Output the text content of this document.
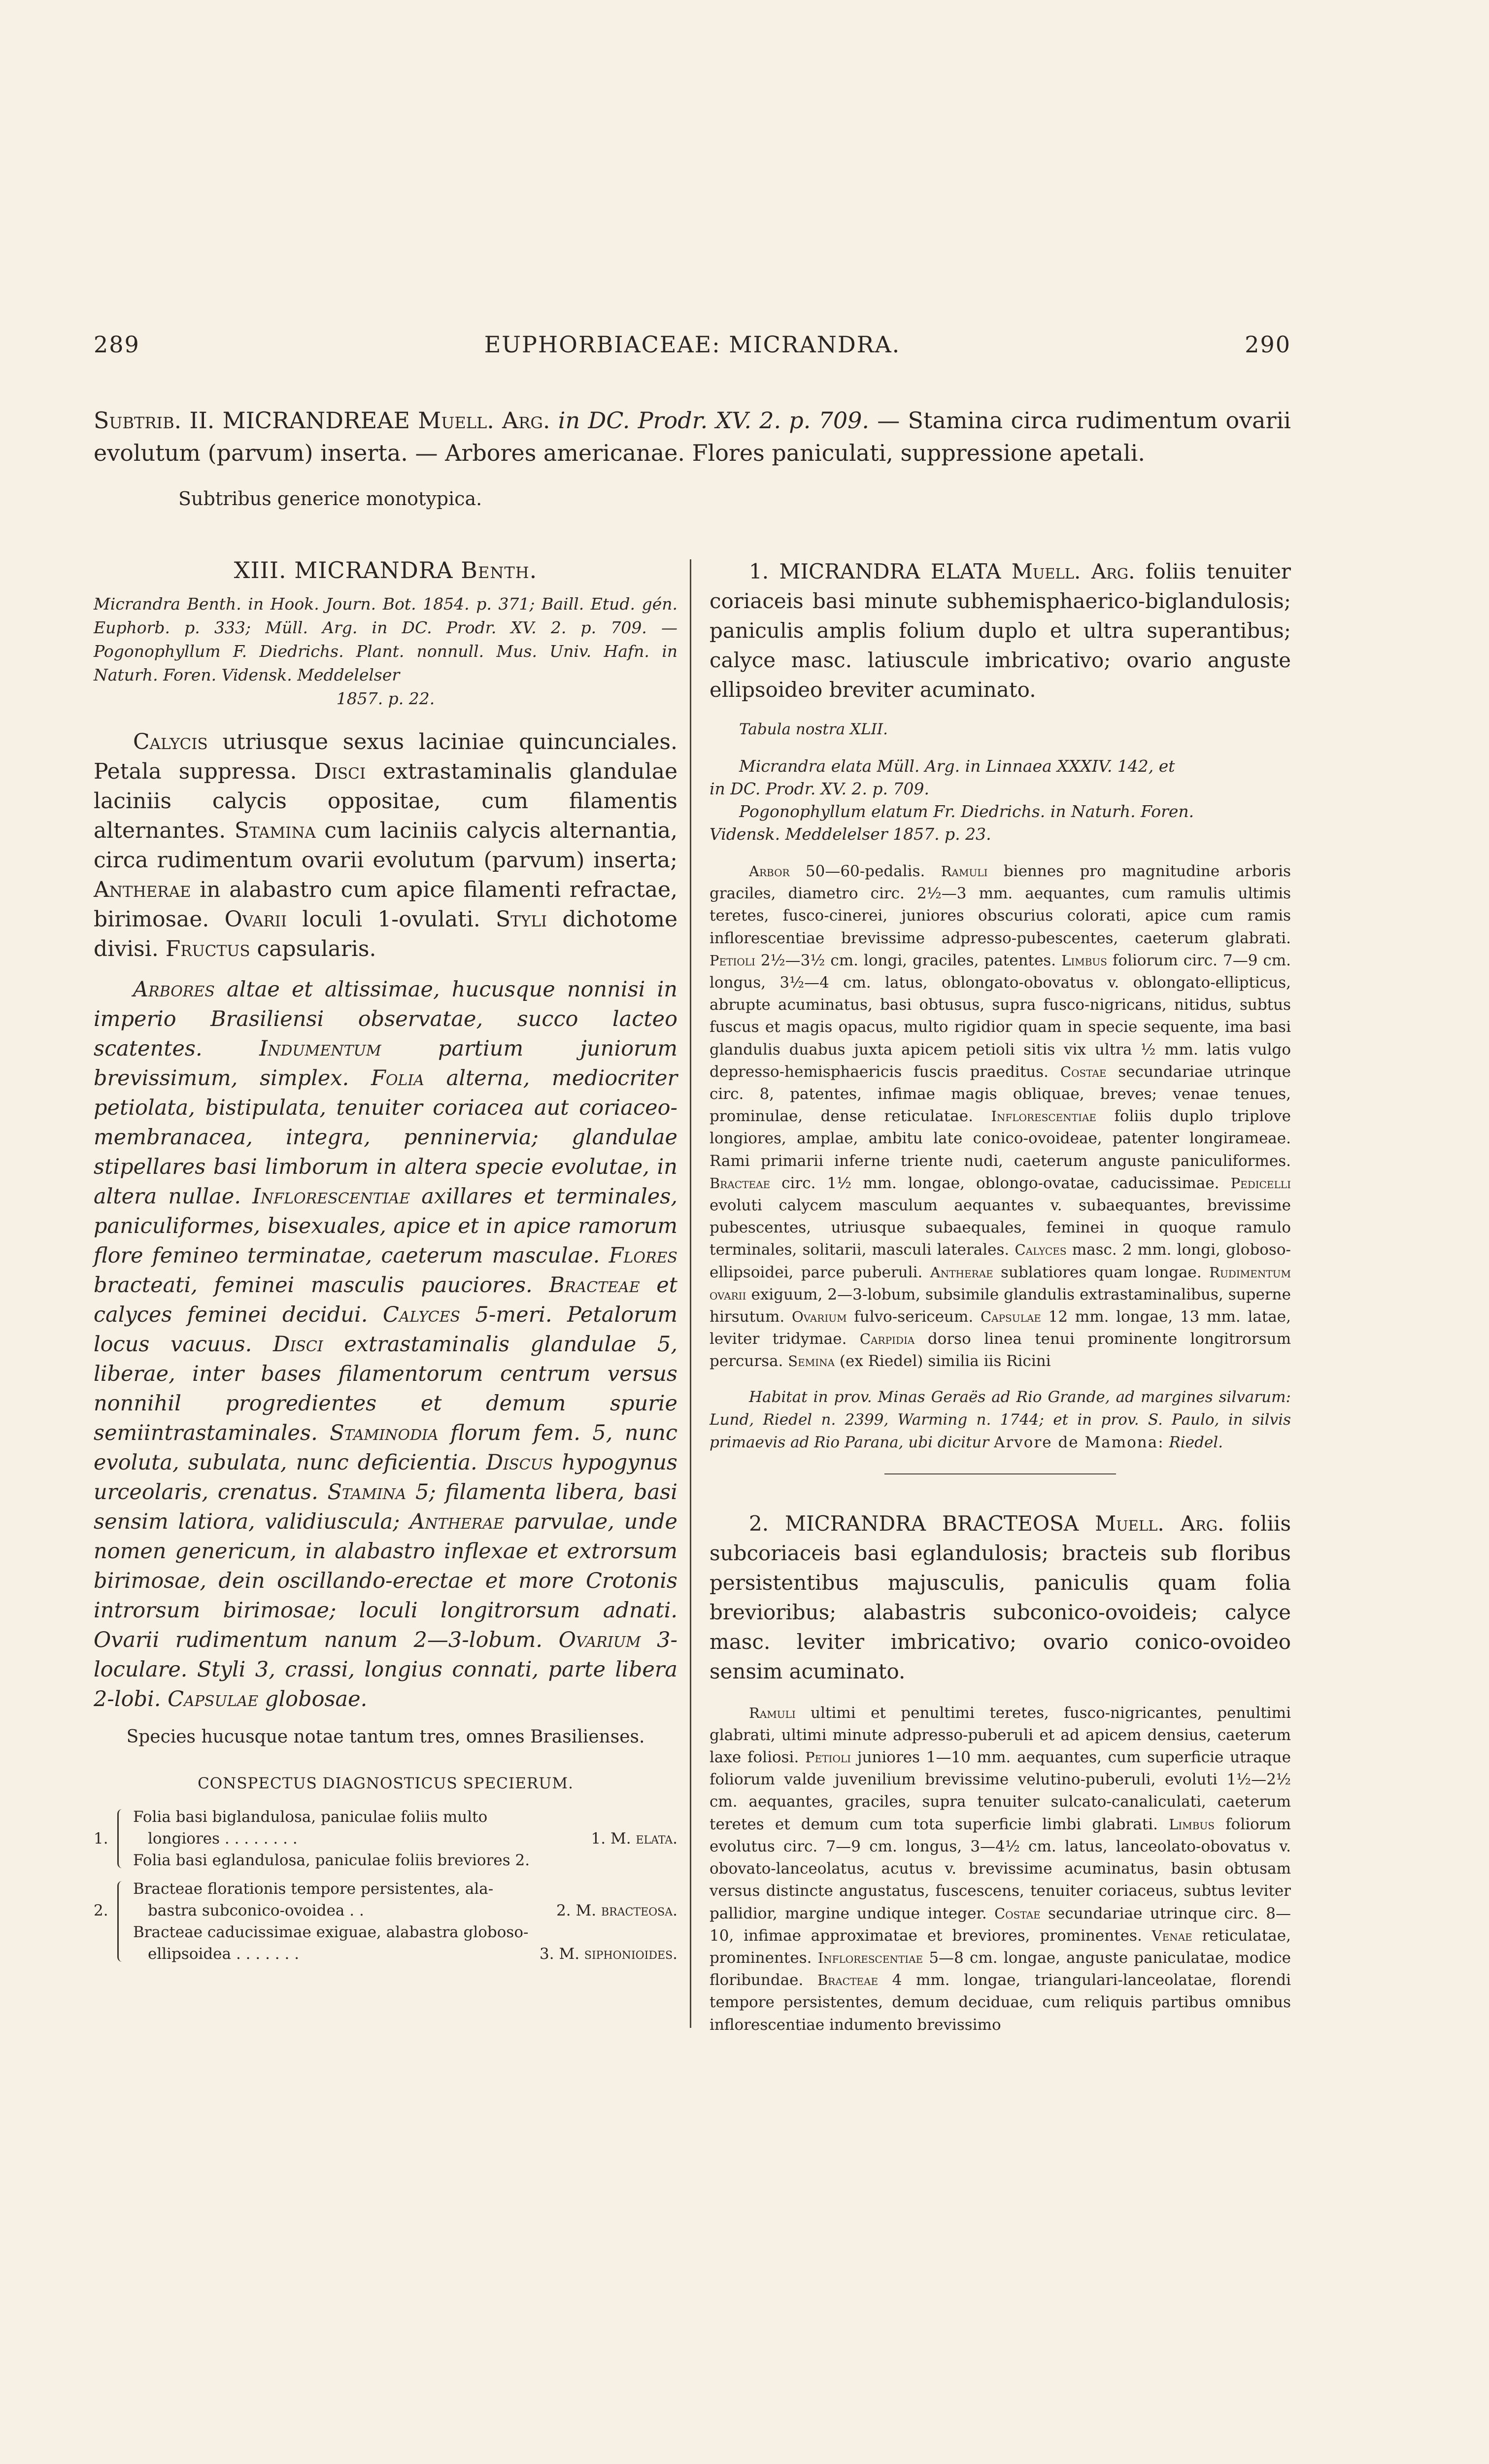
289	EUPHORBIACEAE: MICRANDRA.	290
Subtrib. II. MICRANDREAE Muell. Arg. in DC. Prodr. XV. 2. p. 709. — Stamina circa rudimentum ovarii evolutum (parvum) inserta. — Arbores americanae. Flores paniculati, suppressione apetali.
Subtribus generice monotypica.
XIII. MICRANDRA Benth.
Micrandra Benth. in Hook. Journ. Bot. 1854. p. 371; Baill. Etud. gén. Euphorb. p. 333; Müll. Arg. in DC. Prodr. XV. 2. p. 709. — Pogonophyllum F. Diedrichs. Plant. nonnull. Mus. Univ. Hafn. in Naturh. Foren. Vidensk. Meddelelser
1857. p. 22.
Calycis utriusque sexus laciniae quincunciales. Petala suppressa. Disci extrastaminalis glandulae laciniis calycis oppositae, cum filamentis alternantes. Stamina cum laciniis calycis alternantia, circa rudimentum ovarii evolutum (parvum) inserta; Antherae in alabastro cum apice filamenti refractae, birimosae. Ovarii loculi 1-ovulati. Styli dichotome divisi. Fructus capsularis.
Arbores altae et altissimae, hucusque nonnisi in imperio Brasiliensi observatae, succo lacteo scatentes. Indumentum partium juniorum brevissimum, simplex. Folia alterna, mediocriter petiolata, bistipulata, tenuiter coriacea aut coriaceo-membranacea, integra, penninervia; glandulae stipellares basi limborum in altera specie evolutae, in altera nullae. Inflorescentiae axillares et terminales, paniculiformes, bisexuales, apice et in apice ramorum flore femineo terminatae, caeterum masculae. Flores bracteati, feminei masculis pauciores. Bracteae et calyces feminei decidui. Calyces 5-meri. Petalorum locus vacuus. Disci extrastaminalis glandulae 5, liberae, inter bases filamentorum centrum versus nonnihil progredientes et demum spurie semiintrastaminales. Staminodia florum fem. 5, nunc evoluta, subulata, nunc deficientia. Discus hypogynus urceolaris, crenatus. Stamina 5; filamenta libera, basi sensim latiora, validiuscula; Antherae parvulae, unde nomen genericum, in alabastro inflexae et extrorsum birimosae, dein oscillando-erectae et more Crotonis introrsum birimosae; loculi longitrorsum adnati. Ovarii rudimentum nanum 2—3-lobum. Ovarium 3-loculare. Styli 3, crassi, longius connati, parte libera 2-lobi. Capsulae globosae.
Species hucusque notae tantum tres, omnes Brasilienses.
CONSPECTUS DIAGNOSTICUS SPECIERUM.
1.
Folia basi biglandulosa, paniculae foliis multo
longiores . . . . . . . .	1. M. elata.
Folia basi eglandulosa, paniculae foliis breviores 2.
2.
Bracteae florationis tempore persistentes, ala-
bastra subconico-ovoidea . .	2. M. bracteosa.
Bracteae caducissimae exiguae, alabastra globoso-
ellipsoidea . . . . . . .	3. M. siphonioides.
1. MICRANDRA ELATA Muell. Arg. foliis tenuiter coriaceis basi minute subhemisphaerico-biglandulosis; paniculis amplis folium duplo et ultra superantibus; calyce masc. latiuscule imbricativo; ovario anguste ellipsoideo breviter acuminato.
Tabula nostra XLII.
Micrandra elata Müll. Arg. in Linnaea XXXIV. 142, et
in DC. Prodr. XV. 2. p. 709.
Pogonophyllum elatum Fr. Diedrichs. in Naturh. Foren.
Vidensk. Meddelelser 1857. p. 23.
Arbor 50—60-pedalis. Ramuli biennes pro magnitudine arboris graciles, diametro circ. 2½—3 mm. aequantes, cum ramulis ultimis teretes, fusco-cinerei, juniores obscurius colorati, apice cum ramis inflorescentiae brevissime adpresso-pubescentes, caeterum glabrati. Petioli 2½—3½ cm. longi, graciles, patentes. Limbus foliorum circ. 7—9 cm. longus, 3½—4 cm. latus, oblongato-obovatus v. oblongato-ellipticus, abrupte acuminatus, basi obtusus, supra fusco-nigricans, nitidus, subtus fuscus et magis opacus, multo rigidior quam in specie sequente, ima basi glandulis duabus juxta apicem petioli sitis vix ultra ½ mm. latis vulgo depresso-hemisphaericis fuscis praeditus. Costae secundariae utrinque circ. 8, patentes, infimae magis obliquae, breves; venae tenues, prominulae, dense reticulatae. Inflorescentiae foliis duplo triplove longiores, amplae, ambitu late conico-ovoideae, patenter longirameae. Rami primarii inferne triente nudi, caeterum anguste paniculiformes. Bracteae circ. 1½ mm. longae, oblongo-ovatae, caducissimae. Pedicelli evoluti calycem masculum aequantes v. subaequantes, brevissime pubescentes, utriusque subaequales, feminei in quoque ramulo terminales, solitarii, masculi laterales. Calyces masc. 2 mm. longi, globoso-ellipsoidei, parce puberuli. Antherae sublatiores quam longae. Rudimentum ovarii exiguum, 2—3-lobum, subsimile glandulis extrastaminalibus, superne hirsutum. Ovarium fulvo-sericeum. Capsulae 12 mm. longae, 13 mm. latae, leviter tridymae. Carpidia dorso linea tenui prominente longitrorsum percursa. Semina (ex Riedel) similia iis Ricini
Habitat in prov. Minas Geraës ad Rio Grande, ad margines silvarum: Lund, Riedel n. 2399, Warming n. 1744; et in prov. S. Paulo, in silvis primaevis ad Rio Parana, ubi dicitur Arvore de Mamona: Riedel.
2. MICRANDRA BRACTEOSA Muell. Arg. foliis subcoriaceis basi eglandulosis; bracteis sub floribus persistentibus majusculis, paniculis quam folia brevioribus; alabastris subconico-ovoideis; calyce masc. leviter imbricativo; ovario conico-ovoideo sensim acuminato.
Ramuli ultimi et penultimi teretes, fusco-nigricantes, penultimi glabrati, ultimi minute adpresso-puberuli et ad apicem densius, caeterum laxe foliosi. Petioli juniores 1—10 mm. aequantes, cum superficie utraque foliorum valde juvenilium brevissime velutino-puberuli, evoluti 1½—2½ cm. aequantes, graciles, supra tenuiter sulcato-canaliculati, caeterum teretes et demum cum tota superficie limbi glabrati. Limbus foliorum evolutus circ. 7—9 cm. longus, 3—4½ cm. latus, lanceolato-obovatus v. obovato-lanceolatus, acutus v. brevissime acuminatus, basin obtusam versus distincte angustatus, fuscescens, tenuiter coriaceus, subtus leviter pallidior, margine undique integer. Costae secundariae utrinque circ. 8—10, infimae approximatae et breviores, prominentes. Venae reticulatae, prominentes. Inflorescentiae 5—8 cm. longae, anguste paniculatae, modice floribundae. Bracteae 4 mm. longae, triangulari-lanceolatae, florendi tempore persistentes, demum deciduae, cum reliquis partibus omnibus inflorescentiae indumento brevissimo
